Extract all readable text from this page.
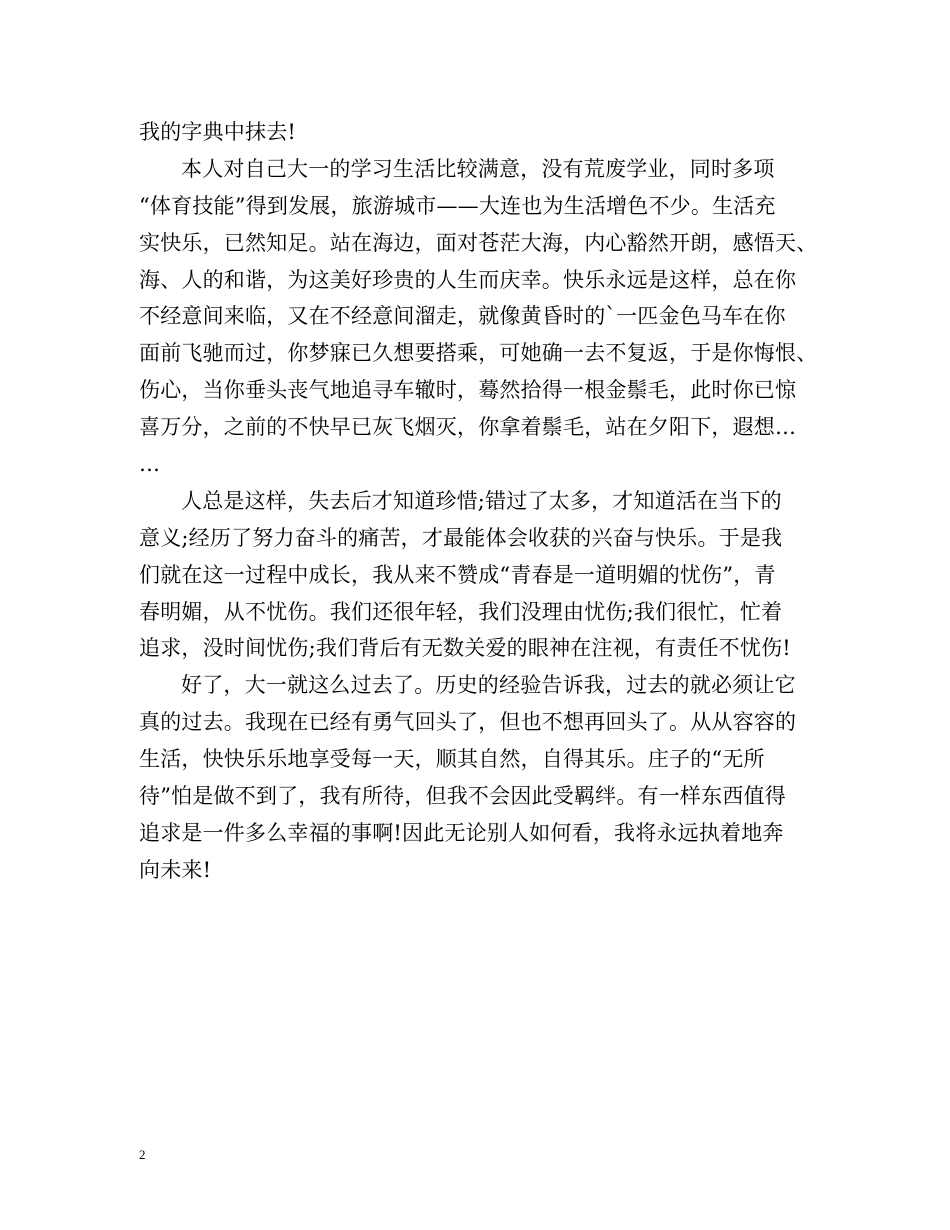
我的字典中抹去!
本人对自己大一的学习生活比较满意，没有荒废学业，同时多项
“体育技能”得到发展，旅游城市——大连也为生活增色不少。生活充
实快乐，已然知足。站在海边，面对苍茫大海，内心豁然开朗，感悟天、
海、人的和谐，为这美好珍贵的人生而庆幸。快乐永远是这样，总在你
不经意间来临，又在不经意间溜走，就像黄昏时的`一匹金色马车在你
面前飞驰而过，你梦寐已久想要搭乘，可她确一去不复返，于是你悔恨、
伤心，当你垂头丧气地追寻车辙时，蓦然拾得一根金鬃毛，此时你已惊
喜万分，之前的不快早已灰飞烟灭，你拿着鬃毛，站在夕阳下，遐想…
…
人总是这样，失去后才知道珍惜;错过了太多，才知道活在当下的
意义;经历了努力奋斗的痛苦，才最能体会收获的兴奋与快乐。于是我
们就在这一过程中成长，我从来不赞成“青春是一道明媚的忧伤”，青
春明媚，从不忧伤。我们还很年轻，我们没理由忧伤;我们很忙，忙着
追求，没时间忧伤;我们背后有无数关爱的眼神在注视，有责任不忧伤!
好了，大一就这么过去了。历史的经验告诉我，过去的就必须让它
真的过去。我现在已经有勇气回头了，但也不想再回头了。从从容容的
生活，快快乐乐地享受每一天，顺其自然，自得其乐。庄子的“无所
待”怕是做不到了，我有所待，但我不会因此受羁绊。有一样东西值得
追求是一件多么幸福的事啊!因此无论别人如何看，我将永远执着地奔
向未来!
2
